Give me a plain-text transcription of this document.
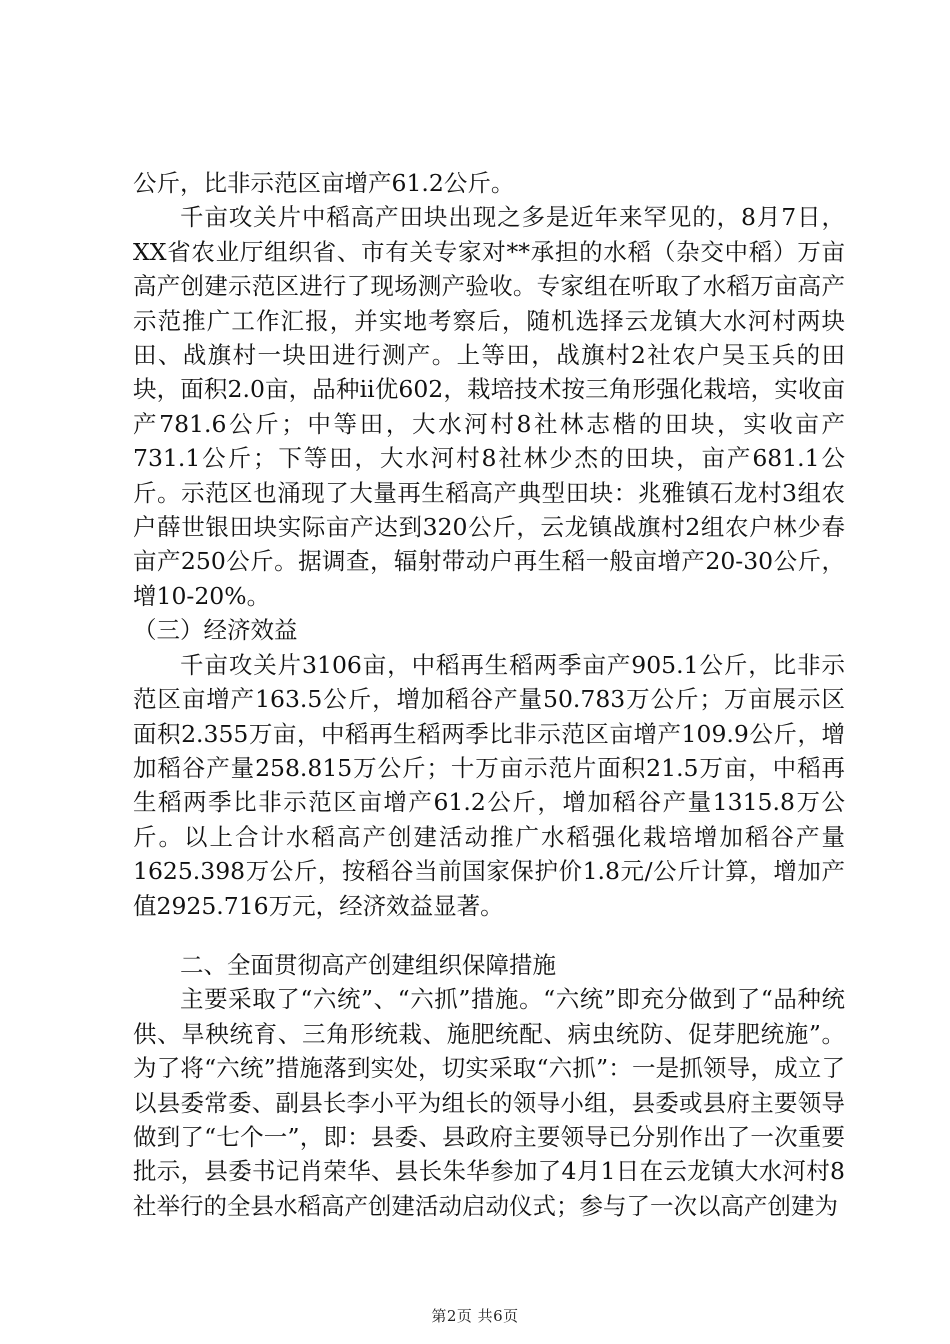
公斤，比非示范区亩增产61.2公斤。

千亩攻关片中稻高产田块出现之多是近年来罕见的，8月7日，XX省农业厅组织省、市有关专家对**承担的水稻（杂交中稻）万亩高产创建示范区进行了现场测产验收。专家组在听取了水稻万亩高产示范推广工作汇报，并实地考察后，随机选择云龙镇大水河村两块田、战旗村一块田进行测产。上等田，战旗村2社农户吴玉兵的田块，面积2.0亩，品种ii优602，栽培技术按三角形强化栽培，实收亩产781.6公斤；中等田，大水河村8社林志楷的田块，实收亩产731.1公斤；下等田，大水河村8社林少杰的田块，亩产681.1公斤。示范区也涌现了大量再生稻高产典型田块：兆雅镇石龙村3组农户薛世银田块实际亩产达到320公斤，云龙镇战旗村2组农户林少春亩产250公斤。据调查，辐射带动户再生稻一般亩增产20-30公斤，增10-20%。

（三）经济效益

千亩攻关片3106亩，中稻再生稻两季亩产905.1公斤，比非示范区亩增产163.5公斤，增加稻谷产量50.783万公斤；万亩展示区面积2.355万亩，中稻再生稻两季比非示范区亩增产109.9公斤，增加稻谷产量258.815万公斤；十万亩示范片面积21.5万亩，中稻再生稻两季比非示范区亩增产61.2公斤，增加稻谷产量1315.8万公斤。以上合计水稻高产创建活动推广水稻强化栽培增加稻谷产量1625.398万公斤，按稻谷当前国家保护价1.8元/公斤计算，增加产值2925.716万元，经济效益显著。

二、全面贯彻高产创建组织保障措施

主要采取了“六统”、“六抓”措施。“六统”即充分做到了“品种统供、旱秧统育、三角形统栽、施肥统配、病虫统防、促芽肥统施”。为了将“六统”措施落到实处，切实采取“六抓”：一是抓领导，成立了以县委常委、副县长李小平为组长的领导小组，县委或县府主要领导做到了“七个一”，即：县委、县政府主要领导已分别作出了一次重要批示，县委书记肖荣华、县长朱华参加了4月1日在云龙镇大水河村8社举行的全县水稻高产创建活动启动仪式；参与了一次以高产创建为

第2页 共6页
